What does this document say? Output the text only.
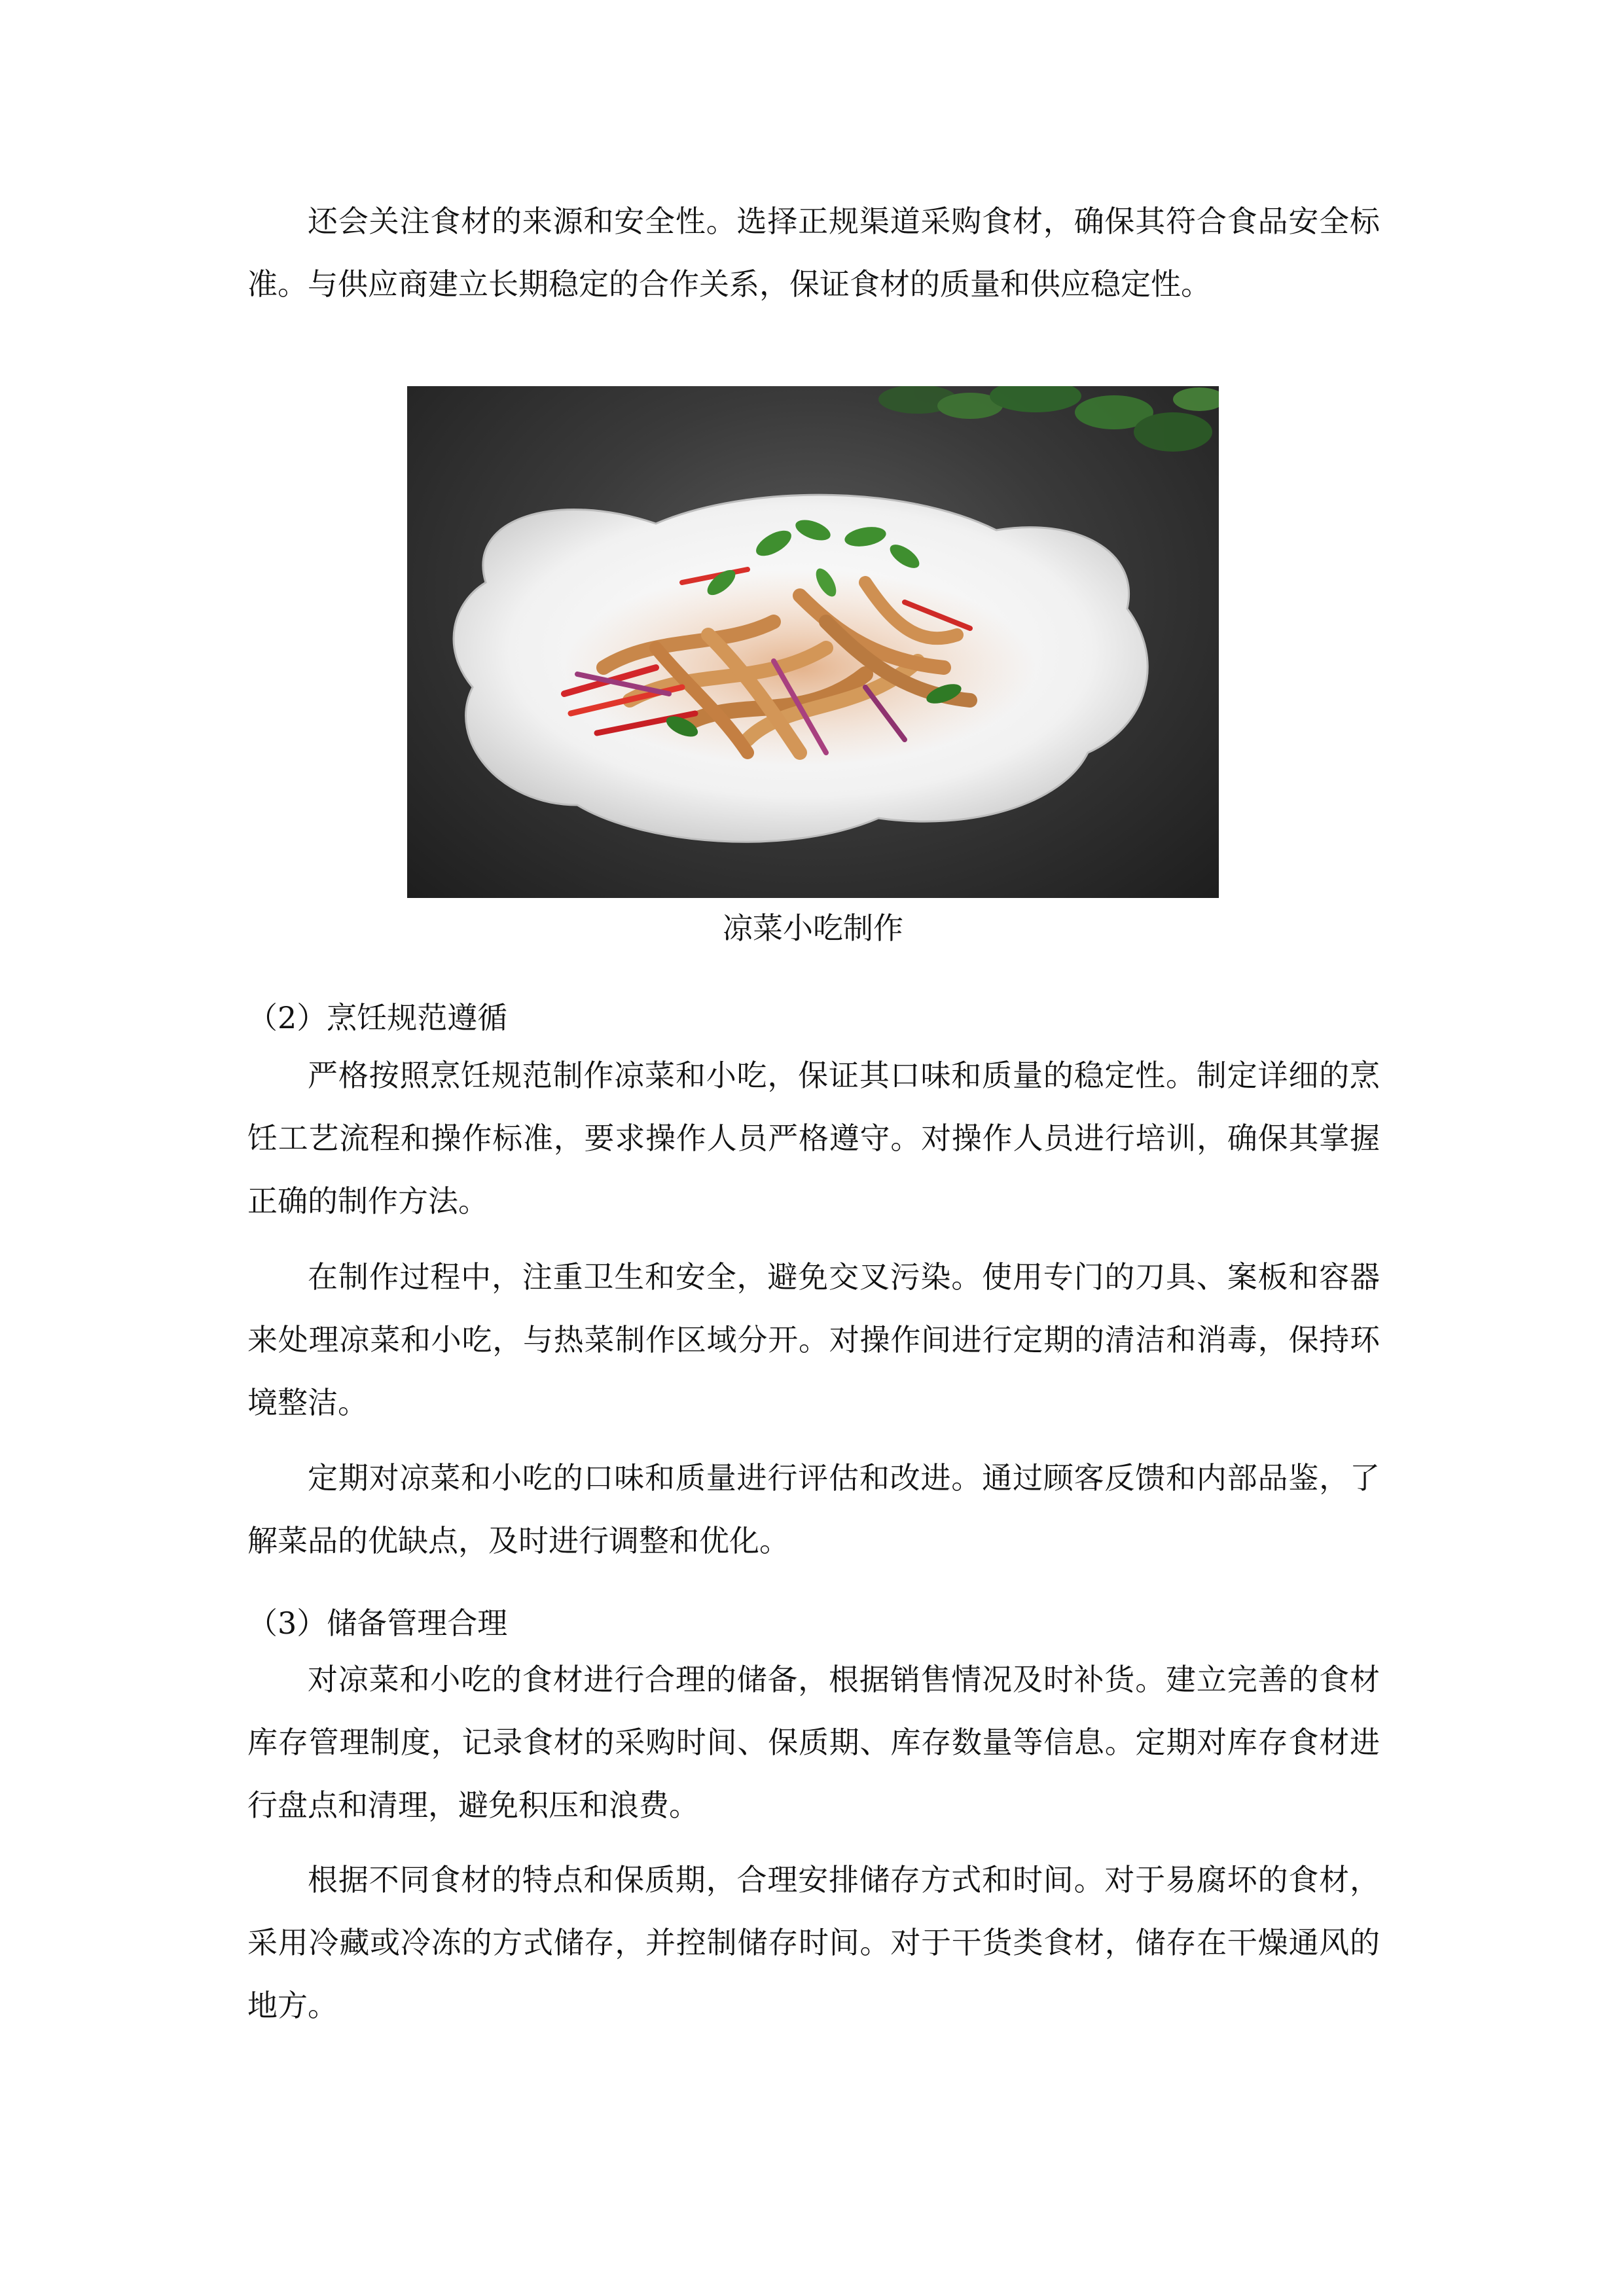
还会关注食材的来源和安全性。选择正规渠道采购食材，确保其符合食品安全标准。与供应商建立长期稳定的合作关系，保证食材的质量和供应稳定性。

凉菜小吃制作

（2）烹饪规范遵循

严格按照烹饪规范制作凉菜和小吃，保证其口味和质量的稳定性。制定详细的烹饪工艺流程和操作标准，要求操作人员严格遵守。对操作人员进行培训，确保其掌握正确的制作方法。

在制作过程中，注重卫生和安全，避免交叉污染。使用专门的刀具、案板和容器来处理凉菜和小吃，与热菜制作区域分开。对操作间进行定期的清洁和消毒，保持环境整洁。

定期对凉菜和小吃的口味和质量进行评估和改进。通过顾客反馈和内部品鉴，了解菜品的优缺点，及时进行调整和优化。

（3）储备管理合理

对凉菜和小吃的食材进行合理的储备，根据销售情况及时补货。建立完善的食材库存管理制度，记录食材的采购时间、保质期、库存数量等信息。定期对库存食材进行盘点和清理，避免积压和浪费。

根据不同食材的特点和保质期，合理安排储存方式和时间。对于易腐坏的食材，采用冷藏或冷冻的方式储存，并控制储存时间。对于干货类食材，储存在干燥通风的地方。
